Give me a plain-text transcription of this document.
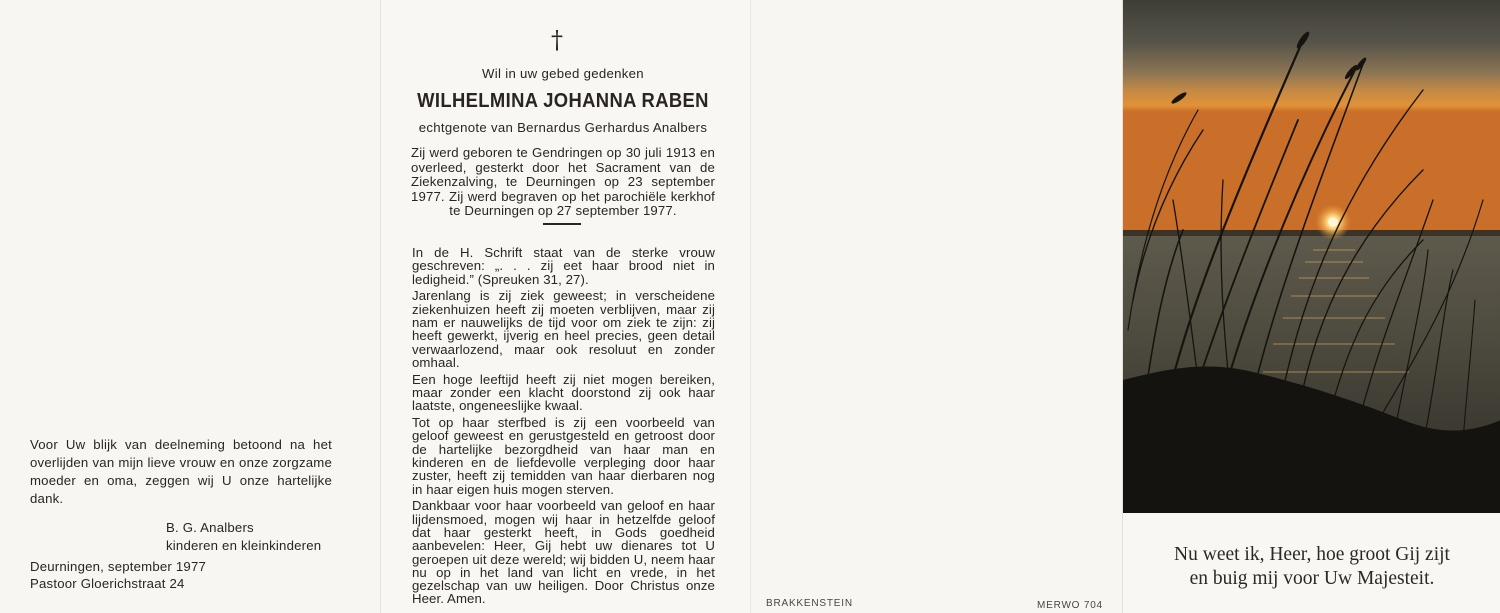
Voor Uw blijk van deelneming betoond na het overlijden van mijn lieve vrouw en onze zorgzame moeder en oma, zeggen wij U onze hartelijke dank.

B. G. Analbers
kinderen en kleinkinderen
Deurningen, september 1977
Pastoor Gloerichstraat 24
†
Wil in uw gebed gedenken
WILHELMINA JOHANNA RABEN
echtgenote van Bernardus Gerhardus Analbers
Zij werd geboren te Gendringen op 30 juli 1913 en overleed, gesterkt door het Sacrament van de Ziekenzalving, te Deurningen op 23 september 1977. Zij werd begraven op het parochiële kerkhof te Deurningen op 27 september 1977.

In de H. Schrift staat van de sterke vrouw geschreven: „. . . zij eet haar brood niet in ledigheid.” (Spreuken 31, 27).

Jarenlang is zij ziek geweest; in verscheidene ziekenhuizen heeft zij moeten verblijven, maar zij nam er nauwelijks de tijd voor om ziek te zijn: zij heeft gewerkt, ijverig en heel precies, geen detail verwaarlozend, maar ook resoluut en zonder omhaal.

Een hoge leeftijd heeft zij niet mogen bereiken, maar zonder een klacht doorstond zij ook haar laatste, ongeneeslijke kwaal.

Tot op haar sterfbed is zij een voorbeeld van geloof geweest en gerustgesteld en getroost door de hartelijke bezorgdheid van haar man en kinderen en de liefdevolle verpleging door haar zuster, heeft zij temidden van haar dierbaren nog in haar eigen huis mogen sterven.

Dankbaar voor haar voorbeeld van geloof en haar lijdensmoed, mogen wij haar in hetzelfde geloof dat haar gesterkt heeft, in Gods goedheid aanbevelen: Heer, Gij hebt uw dienares tot U geroepen uit deze wereld; wij bidden U, neem haar nu op in het land van licht en vrede, in het gezelschap van uw heiligen. Door Christus onze Heer. Amen.	BRAKKENSTEIN	MERWO 704
Nu weet ik, Heer, hoe groot Gij zijt
en buig mij voor Uw Majesteit.
